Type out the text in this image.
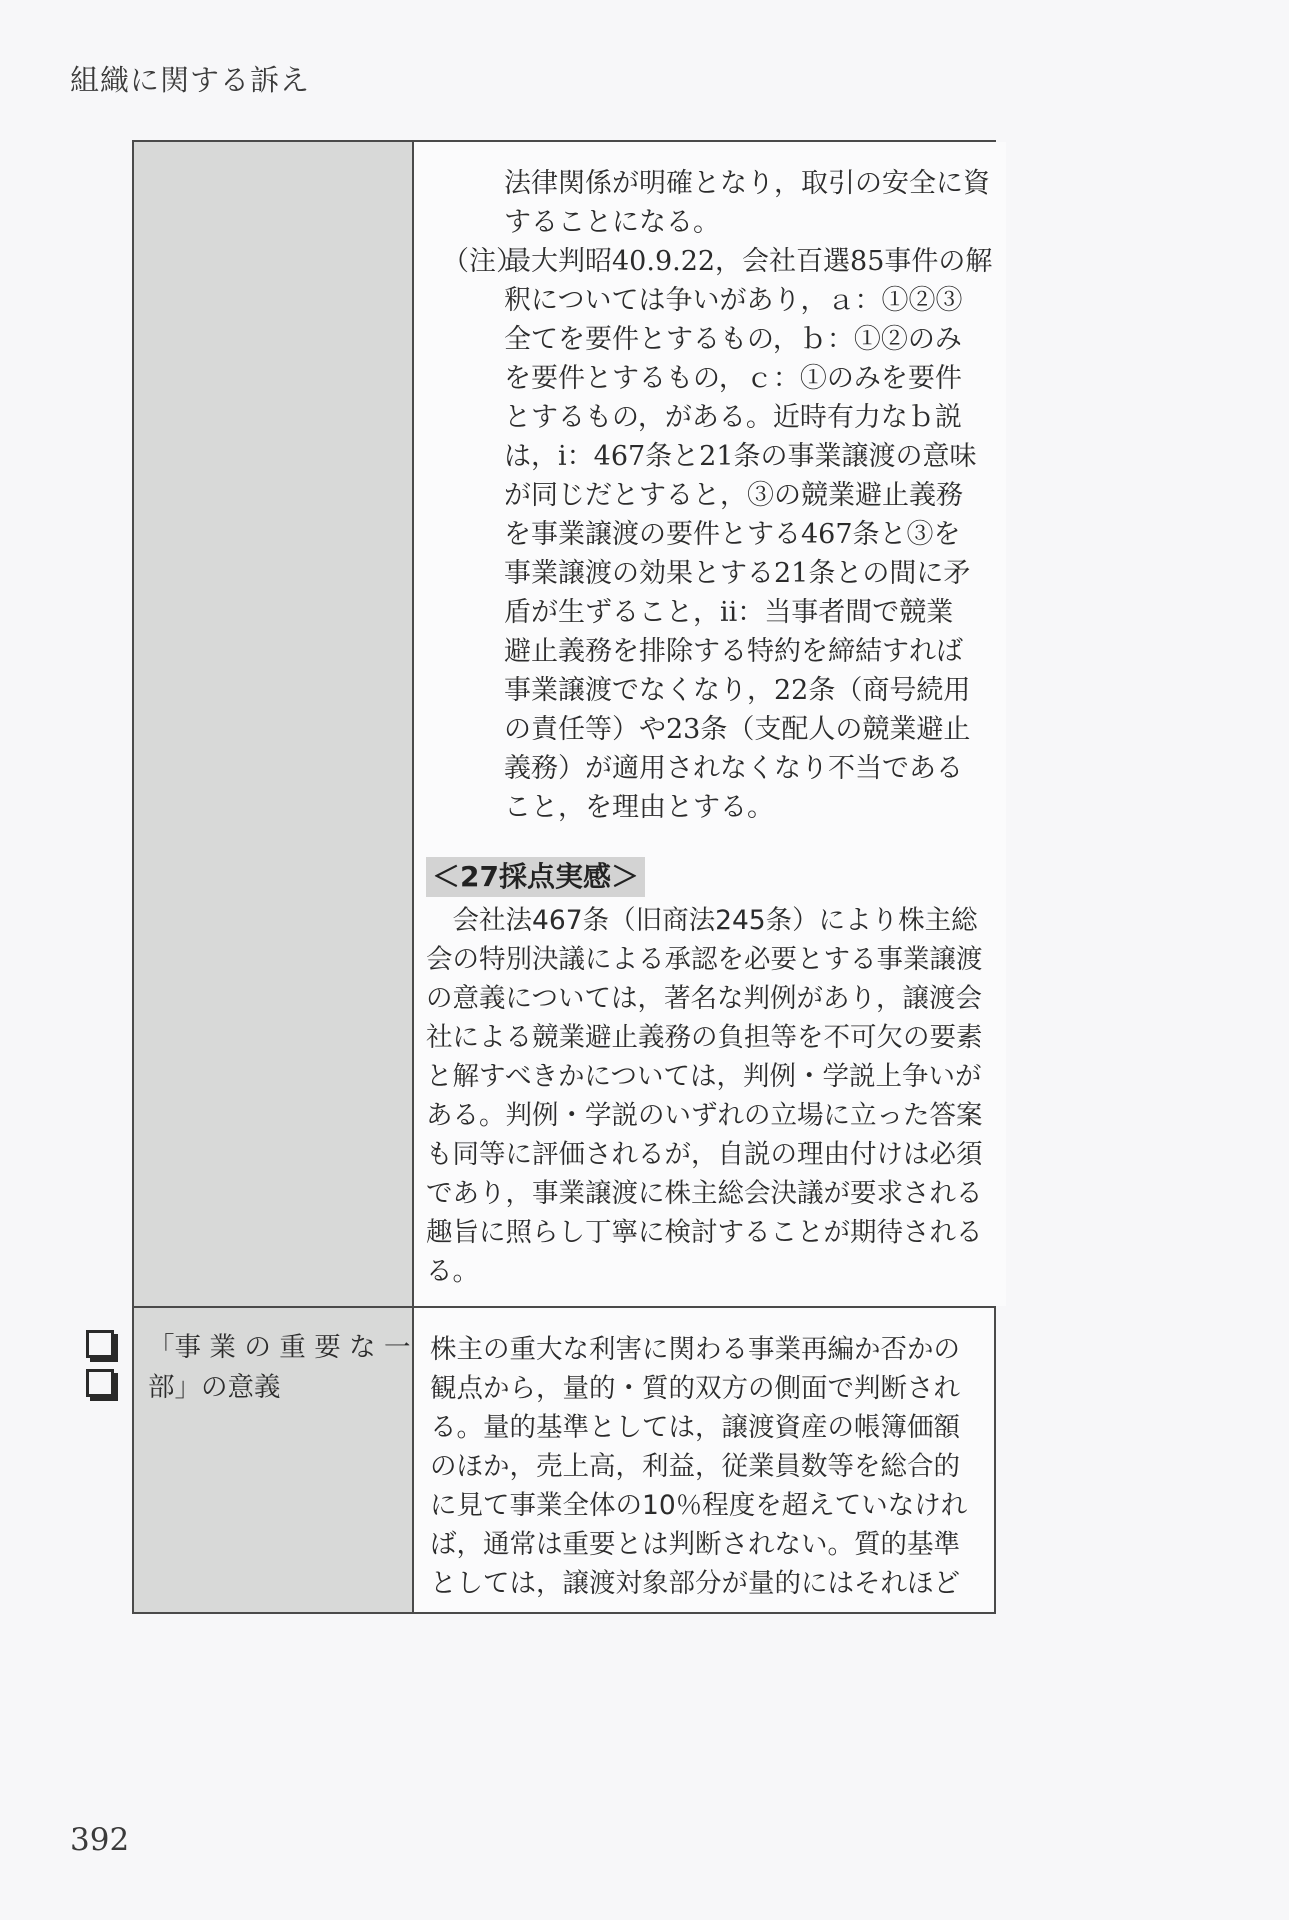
組織に関する訴え
法律関係が明確となり，取引の安全に資
することになる。
（注）
最大判昭40.9.22，会社百選85事件の解
釈については争いがあり，ａ：①②③
全てを要件とするもの，ｂ：①②のみ
を要件とするもの，ｃ：①のみを要件
とするもの，がある。近時有力なｂ説
は，ⅰ：467条と21条の事業譲渡の意味
が同じだとすると，③の競業避止義務
を事業譲渡の要件とする467条と③を
事業譲渡の効果とする21条との間に矛
盾が生ずること，ⅱ：当事者間で競業
避止義務を排除する特約を締結すれば
事業譲渡でなくなり，22条（商号続用
の責任等）や23条（支配人の競業避止
義務）が適用されなくなり不当である
こと，を理由とする。
＜27採点実感＞
　会社法467条（旧商法245条）により株主総
会の特別決議による承認を必要とする事業譲渡
の意義については，著名な判例があり，譲渡会
社による競業避止義務の負担等を不可欠の要素
と解すべきかについては，判例・学説上争いが
ある。判例・学説のいずれの立場に立った答案
も同等に評価されるが，自説の理由付けは必須
であり，事業譲渡に株主総会決議が要求される
趣旨に照らし丁寧に検討することが期待される
る。
「事 業 の 重 要 な 一
部」の意義
株主の重大な利害に関わる事業再編か否かの
観点から，量的・質的双方の側面で判断され
る。量的基準としては，譲渡資産の帳簿価額
のほか，売上高，利益，従業員数等を総合的
に見て事業全体の10％程度を超えていなけれ
ば，通常は重要とは判断されない。質的基準
としては，譲渡対象部分が量的にはそれほど
392
